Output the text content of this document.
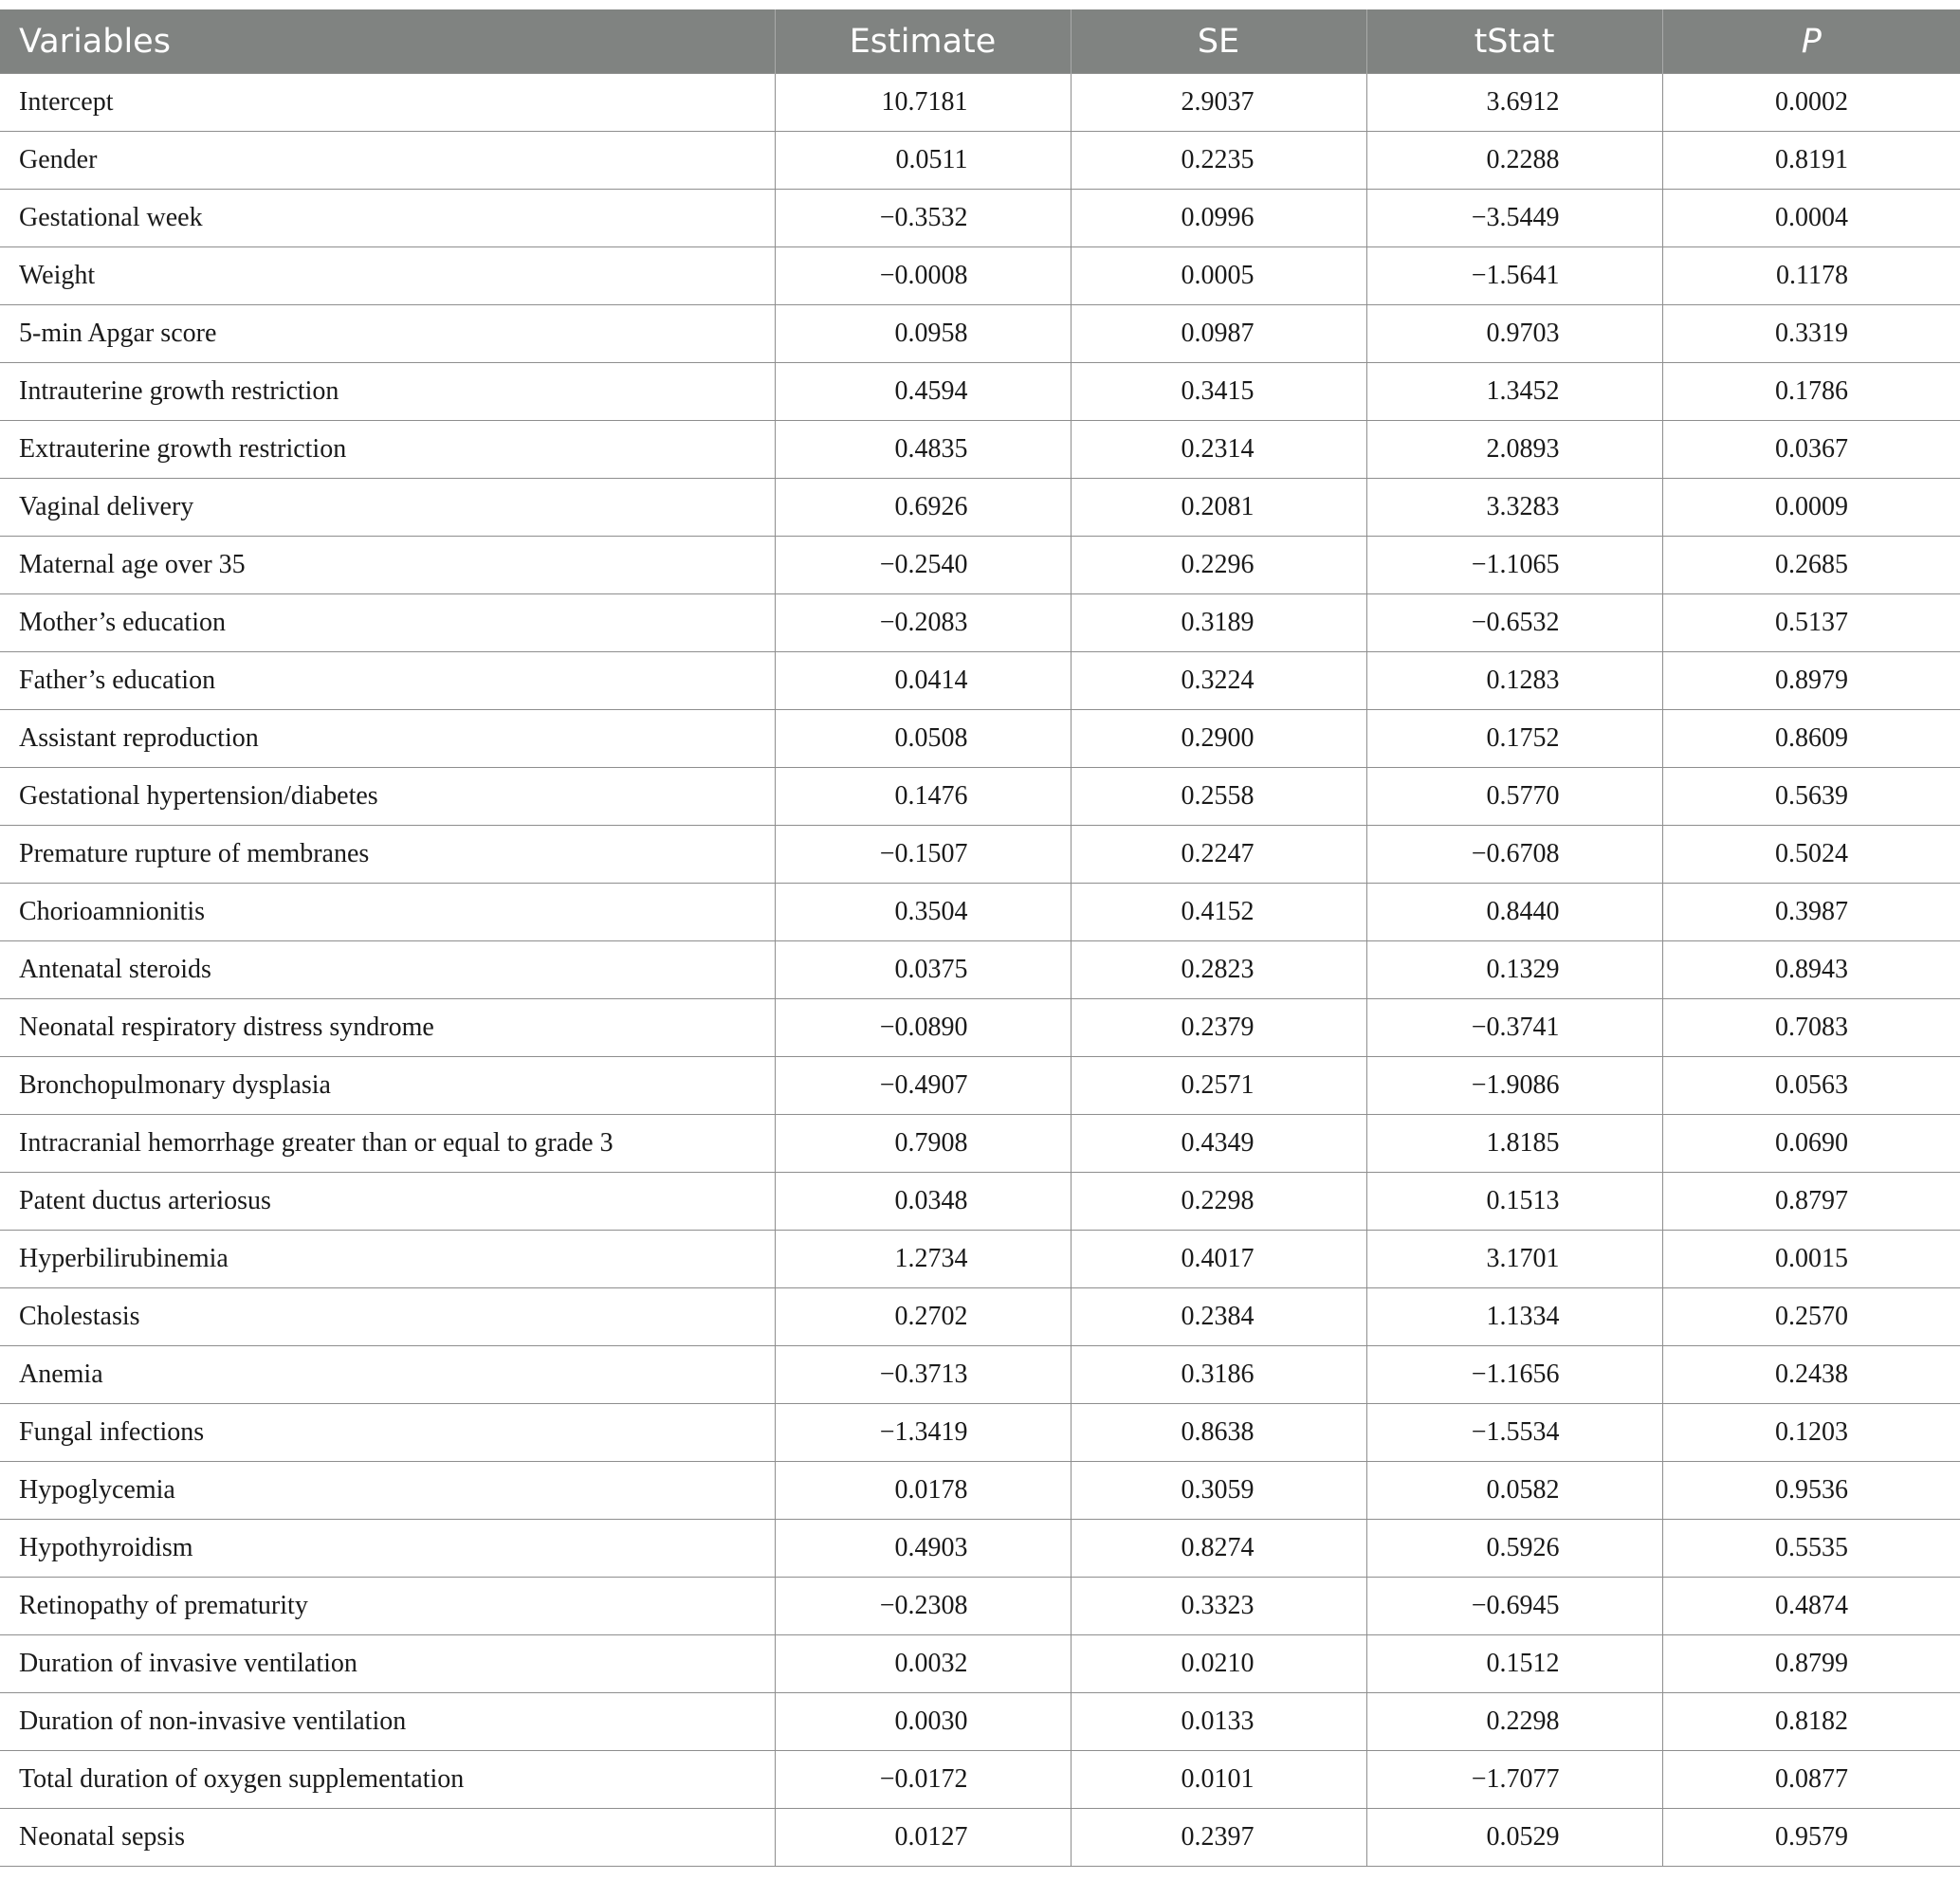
Variables	Estimate	SE	tStat	P
Intercept	10.7181	2.9037	3.6912	0.0002
Gender	0.0511	0.2235	0.2288	0.8191
Gestational week	−0.3532	0.0996	−3.5449	0.0004
Weight	−0.0008	0.0005	−1.5641	0.1178
5-min Apgar score	0.0958	0.0987	0.9703	0.3319
Intrauterine growth restriction	0.4594	0.3415	1.3452	0.1786
Extrauterine growth restriction	0.4835	0.2314	2.0893	0.0367
Vaginal delivery	0.6926	0.2081	3.3283	0.0009
Maternal age over 35	−0.2540	0.2296	−1.1065	0.2685
Mother’s education	−0.2083	0.3189	−0.6532	0.5137
Father’s education	0.0414	0.3224	0.1283	0.8979
Assistant reproduction	0.0508	0.2900	0.1752	0.8609
Gestational hypertension/diabetes	0.1476	0.2558	0.5770	0.5639
Premature rupture of membranes	−0.1507	0.2247	−0.6708	0.5024
Chorioamnionitis	0.3504	0.4152	0.8440	0.3987
Antenatal steroids	0.0375	0.2823	0.1329	0.8943
Neonatal respiratory distress syndrome	−0.0890	0.2379	−0.3741	0.7083
Bronchopulmonary dysplasia	−0.4907	0.2571	−1.9086	0.0563
Intracranial hemorrhage greater than or equal to grade 3	0.7908	0.4349	1.8185	0.0690
Patent ductus arteriosus	0.0348	0.2298	0.1513	0.8797
Hyperbilirubinemia	1.2734	0.4017	3.1701	0.0015
Cholestasis	0.2702	0.2384	1.1334	0.2570
Anemia	−0.3713	0.3186	−1.1656	0.2438
Fungal infections	−1.3419	0.8638	−1.5534	0.1203
Hypoglycemia	0.0178	0.3059	0.0582	0.9536
Hypothyroidism	0.4903	0.8274	0.5926	0.5535
Retinopathy of prematurity	−0.2308	0.3323	−0.6945	0.4874
Duration of invasive ventilation	0.0032	0.0210	0.1512	0.8799
Duration of non-invasive ventilation	0.0030	0.0133	0.2298	0.8182
Total duration of oxygen supplementation	−0.0172	0.0101	−1.7077	0.0877
Neonatal sepsis	0.0127	0.2397	0.0529	0.9579
